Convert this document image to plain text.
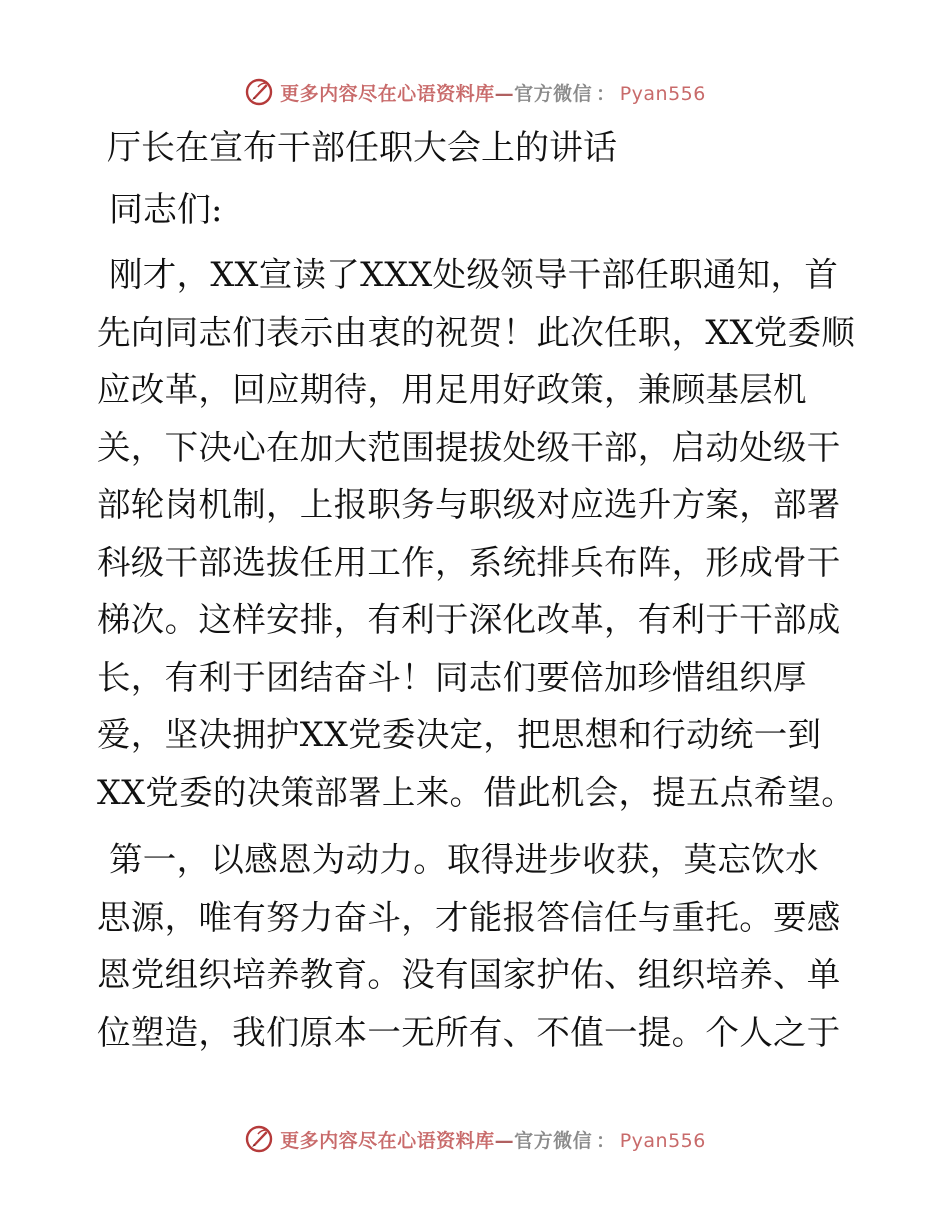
更多内容尽在心语资料库—官方微信 ： Pyan556
厅长在宣布干部任职大会上的讲话
同志们:
刚才，XX宣读了XXX处级领导干部任职通知，首
先向同志们表示由衷的祝贺！此次任职，XX党委顺
应改革，回应期待，用足用好政策，兼顾基层机
关，下决心在加大范围提拔处级干部，启动处级干
部轮岗机制，上报职务与职级对应选升方案，部署
科级干部选拔任用工作，系统排兵布阵，形成骨干
梯次。这样安排，有利于深化改革，有利于干部成
长，有利于团结奋斗！同志们要倍加珍惜组织厚
爱，坚决拥护XX党委决定，把思想和行动统一到
XX党委的决策部署上来。借此机会，提五点希望。
第一，以感恩为动力。取得进步收获，莫忘饮水
思源，唯有努力奋斗，才能报答信任与重托。要感
恩党组织培养教育。没有国家护佑、组织培养、单
位塑造，我们原本一无所有、不值一提。个人之于
更多内容尽在心语资料库—官方微信 ： Pyan556
